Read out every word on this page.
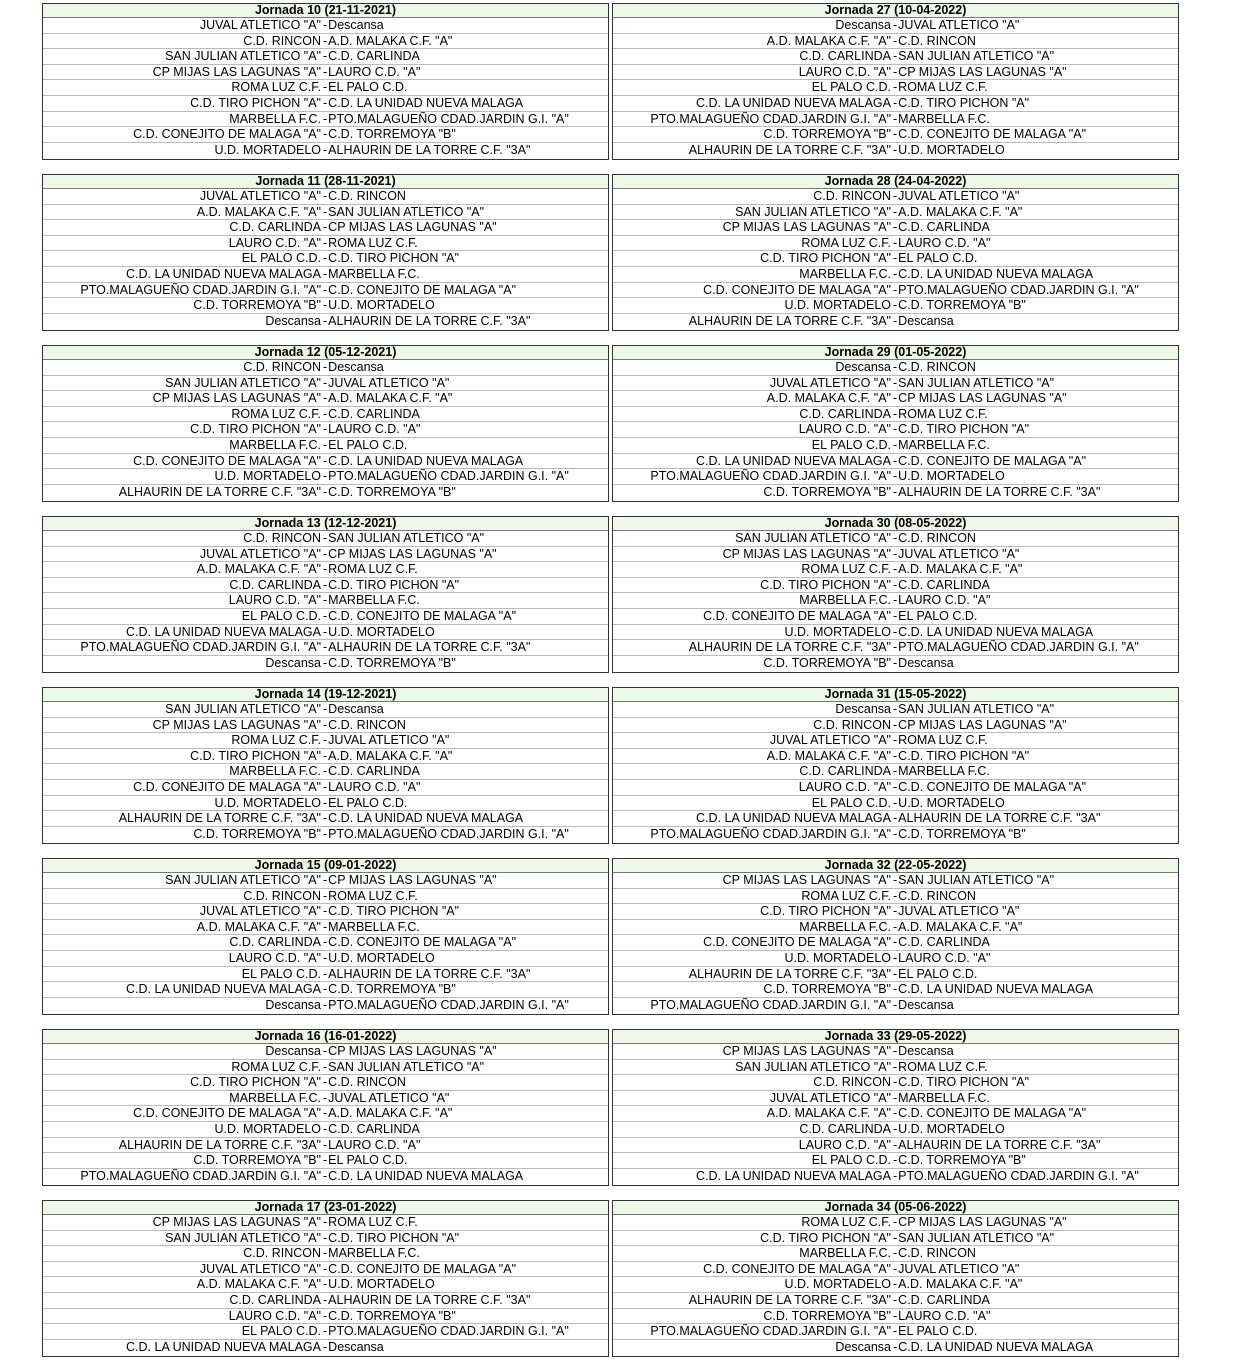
Jornada 10 (21-11-2021)
JUVAL ATLETICO "A" - Descansa
C.D. RINCON - A.D. MALAKA C.F. "A"
SAN JULIAN ATLETICO "A" - C.D. CARLINDA
CP MIJAS LAS LAGUNAS "A" - LAURO C.D. "A"
ROMA LUZ C.F. - EL PALO C.D.
C.D. TIRO PICHON "A" - C.D. LA UNIDAD NUEVA MALAGA
MARBELLA F.C. - PTO.MALAGUEÑO CDAD.JARDIN G.I. "A"
C.D. CONEJITO DE MALAGA "A" - C.D. TORREMOYA "B"
U.D. MORTADELO - ALHAURIN DE LA TORRE C.F. "3A"
Jornada 27 (10-04-2022)
Descansa - JUVAL ATLETICO "A"
A.D. MALAKA C.F. "A" - C.D. RINCON
C.D. CARLINDA - SAN JULIAN ATLETICO "A"
LAURO C.D. "A" - CP MIJAS LAS LAGUNAS "A"
EL PALO C.D. - ROMA LUZ C.F.
C.D. LA UNIDAD NUEVA MALAGA - C.D. TIRO PICHON "A"
PTO.MALAGUEÑO CDAD.JARDIN G.I. "A" - MARBELLA F.C.
C.D. TORREMOYA "B" - C.D. CONEJITO DE MALAGA "A"
ALHAURIN DE LA TORRE C.F. "3A" - U.D. MORTADELO
Jornada 11 (28-11-2021)
JUVAL ATLETICO "A" - C.D. RINCON
A.D. MALAKA C.F. "A" - SAN JULIAN ATLETICO "A"
C.D. CARLINDA - CP MIJAS LAS LAGUNAS "A"
LAURO C.D. "A" - ROMA LUZ C.F.
EL PALO C.D. - C.D. TIRO PICHON "A"
C.D. LA UNIDAD NUEVA MALAGA - MARBELLA F.C.
PTO.MALAGUEÑO CDAD.JARDIN G.I. "A" - C.D. CONEJITO DE MALAGA "A"
C.D. TORREMOYA "B" - U.D. MORTADELO
Descansa - ALHAURIN DE LA TORRE C.F. "3A"
Jornada 28 (24-04-2022)
C.D. RINCON - JUVAL ATLETICO "A"
SAN JULIAN ATLETICO "A" - A.D. MALAKA C.F. "A"
CP MIJAS LAS LAGUNAS "A" - C.D. CARLINDA
ROMA LUZ C.F. - LAURO C.D. "A"
C.D. TIRO PICHON "A" - EL PALO C.D.
MARBELLA F.C. - C.D. LA UNIDAD NUEVA MALAGA
C.D. CONEJITO DE MALAGA "A" - PTO.MALAGUEÑO CDAD.JARDIN G.I. "A"
U.D. MORTADELO - C.D. TORREMOYA "B"
ALHAURIN DE LA TORRE C.F. "3A" - Descansa
Jornada 12 (05-12-2021)
C.D. RINCON - Descansa
SAN JULIAN ATLETICO "A" - JUVAL ATLETICO "A"
CP MIJAS LAS LAGUNAS "A" - A.D. MALAKA C.F. "A"
ROMA LUZ C.F. - C.D. CARLINDA
C.D. TIRO PICHON "A" - LAURO C.D. "A"
MARBELLA F.C. - EL PALO C.D.
C.D. CONEJITO DE MALAGA "A" - C.D. LA UNIDAD NUEVA MALAGA
U.D. MORTADELO - PTO.MALAGUEÑO CDAD.JARDIN G.I. "A"
ALHAURIN DE LA TORRE C.F. "3A" - C.D. TORREMOYA "B"
Jornada 29 (01-05-2022)
Descansa - C.D. RINCON
JUVAL ATLETICO "A" - SAN JULIAN ATLETICO "A"
A.D. MALAKA C.F. "A" - CP MIJAS LAS LAGUNAS "A"
C.D. CARLINDA - ROMA LUZ C.F.
LAURO C.D. "A" - C.D. TIRO PICHON "A"
EL PALO C.D. - MARBELLA F.C.
C.D. LA UNIDAD NUEVA MALAGA - C.D. CONEJITO DE MALAGA "A"
PTO.MALAGUEÑO CDAD.JARDIN G.I. "A" - U.D. MORTADELO
C.D. TORREMOYA "B" - ALHAURIN DE LA TORRE C.F. "3A"
Jornada 13 (12-12-2021)
C.D. RINCON - SAN JULIAN ATLETICO "A"
JUVAL ATLETICO "A" - CP MIJAS LAS LAGUNAS "A"
A.D. MALAKA C.F. "A" - ROMA LUZ C.F.
C.D. CARLINDA - C.D. TIRO PICHON "A"
LAURO C.D. "A" - MARBELLA F.C.
EL PALO C.D. - C.D. CONEJITO DE MALAGA "A"
C.D. LA UNIDAD NUEVA MALAGA - U.D. MORTADELO
PTO.MALAGUEÑO CDAD.JARDIN G.I. "A" - ALHAURIN DE LA TORRE C.F. "3A"
Descansa - C.D. TORREMOYA "B"
Jornada 30 (08-05-2022)
SAN JULIAN ATLETICO "A" - C.D. RINCON
CP MIJAS LAS LAGUNAS "A" - JUVAL ATLETICO "A"
ROMA LUZ C.F. - A.D. MALAKA C.F. "A"
C.D. TIRO PICHON "A" - C.D. CARLINDA
MARBELLA F.C. - LAURO C.D. "A"
C.D. CONEJITO DE MALAGA "A" - EL PALO C.D.
U.D. MORTADELO - C.D. LA UNIDAD NUEVA MALAGA
ALHAURIN DE LA TORRE C.F. "3A" - PTO.MALAGUEÑO CDAD.JARDIN G.I. "A"
C.D. TORREMOYA "B" - Descansa
Jornada 14 (19-12-2021)
SAN JULIAN ATLETICO "A" - Descansa
CP MIJAS LAS LAGUNAS "A" - C.D. RINCON
ROMA LUZ C.F. - JUVAL ATLETICO "A"
C.D. TIRO PICHON "A" - A.D. MALAKA C.F. "A"
MARBELLA F.C. - C.D. CARLINDA
C.D. CONEJITO DE MALAGA "A" - LAURO C.D. "A"
U.D. MORTADELO - EL PALO C.D.
ALHAURIN DE LA TORRE C.F. "3A" - C.D. LA UNIDAD NUEVA MALAGA
C.D. TORREMOYA "B" - PTO.MALAGUEÑO CDAD.JARDIN G.I. "A"
Jornada 31 (15-05-2022)
Descansa - SAN JULIAN ATLETICO "A"
C.D. RINCON - CP MIJAS LAS LAGUNAS "A"
JUVAL ATLETICO "A" - ROMA LUZ C.F.
A.D. MALAKA C.F. "A" - C.D. TIRO PICHON "A"
C.D. CARLINDA - MARBELLA F.C.
LAURO C.D. "A" - C.D. CONEJITO DE MALAGA "A"
EL PALO C.D. - U.D. MORTADELO
C.D. LA UNIDAD NUEVA MALAGA - ALHAURIN DE LA TORRE C.F. "3A"
PTO.MALAGUEÑO CDAD.JARDIN G.I. "A" - C.D. TORREMOYA "B"
Jornada 15 (09-01-2022)
SAN JULIAN ATLETICO "A" - CP MIJAS LAS LAGUNAS "A"
C.D. RINCON - ROMA LUZ C.F.
JUVAL ATLETICO "A" - C.D. TIRO PICHON "A"
A.D. MALAKA C.F. "A" - MARBELLA F.C.
C.D. CARLINDA - C.D. CONEJITO DE MALAGA "A"
LAURO C.D. "A" - U.D. MORTADELO
EL PALO C.D. - ALHAURIN DE LA TORRE C.F. "3A"
C.D. LA UNIDAD NUEVA MALAGA - C.D. TORREMOYA "B"
Descansa - PTO.MALAGUEÑO CDAD.JARDIN G.I. "A"
Jornada 32 (22-05-2022)
CP MIJAS LAS LAGUNAS "A" - SAN JULIAN ATLETICO "A"
ROMA LUZ C.F. - C.D. RINCON
C.D. TIRO PICHON "A" - JUVAL ATLETICO "A"
MARBELLA F.C. - A.D. MALAKA C.F. "A"
C.D. CONEJITO DE MALAGA "A" - C.D. CARLINDA
U.D. MORTADELO - LAURO C.D. "A"
ALHAURIN DE LA TORRE C.F. "3A" - EL PALO C.D.
C.D. TORREMOYA "B" - C.D. LA UNIDAD NUEVA MALAGA
PTO.MALAGUEÑO CDAD.JARDIN G.I. "A" - Descansa
Jornada 16 (16-01-2022)
Descansa - CP MIJAS LAS LAGUNAS "A"
ROMA LUZ C.F. - SAN JULIAN ATLETICO "A"
C.D. TIRO PICHON "A" - C.D. RINCON
MARBELLA F.C. - JUVAL ATLETICO "A"
C.D. CONEJITO DE MALAGA "A" - A.D. MALAKA C.F. "A"
U.D. MORTADELO - C.D. CARLINDA
ALHAURIN DE LA TORRE C.F. "3A" - LAURO C.D. "A"
C.D. TORREMOYA "B" - EL PALO C.D.
PTO.MALAGUEÑO CDAD.JARDIN G.I. "A" - C.D. LA UNIDAD NUEVA MALAGA
Jornada 33 (29-05-2022)
CP MIJAS LAS LAGUNAS "A" - Descansa
SAN JULIAN ATLETICO "A" - ROMA LUZ C.F.
C.D. RINCON - C.D. TIRO PICHON "A"
JUVAL ATLETICO "A" - MARBELLA F.C.
A.D. MALAKA C.F. "A" - C.D. CONEJITO DE MALAGA "A"
C.D. CARLINDA - U.D. MORTADELO
LAURO C.D. "A" - ALHAURIN DE LA TORRE C.F. "3A"
EL PALO C.D. - C.D. TORREMOYA "B"
C.D. LA UNIDAD NUEVA MALAGA - PTO.MALAGUEÑO CDAD.JARDIN G.I. "A"
Jornada 17 (23-01-2022)
CP MIJAS LAS LAGUNAS "A" - ROMA LUZ C.F.
SAN JULIAN ATLETICO "A" - C.D. TIRO PICHON "A"
C.D. RINCON - MARBELLA F.C.
JUVAL ATLETICO "A" - C.D. CONEJITO DE MALAGA "A"
A.D. MALAKA C.F. "A" - U.D. MORTADELO
C.D. CARLINDA - ALHAURIN DE LA TORRE C.F. "3A"
LAURO C.D. "A" - C.D. TORREMOYA "B"
EL PALO C.D. - PTO.MALAGUEÑO CDAD.JARDIN G.I. "A"
C.D. LA UNIDAD NUEVA MALAGA - Descansa
Jornada 34 (05-06-2022)
ROMA LUZ C.F. - CP MIJAS LAS LAGUNAS "A"
C.D. TIRO PICHON "A" - SAN JULIAN ATLETICO "A"
MARBELLA F.C. - C.D. RINCON
C.D. CONEJITO DE MALAGA "A" - JUVAL ATLETICO "A"
U.D. MORTADELO - A.D. MALAKA C.F. "A"
ALHAURIN DE LA TORRE C.F. "3A" - C.D. CARLINDA
C.D. TORREMOYA "B" - LAURO C.D. "A"
PTO.MALAGUEÑO CDAD.JARDIN G.I. "A" - EL PALO C.D.
Descansa - C.D. LA UNIDAD NUEVA MALAGA
